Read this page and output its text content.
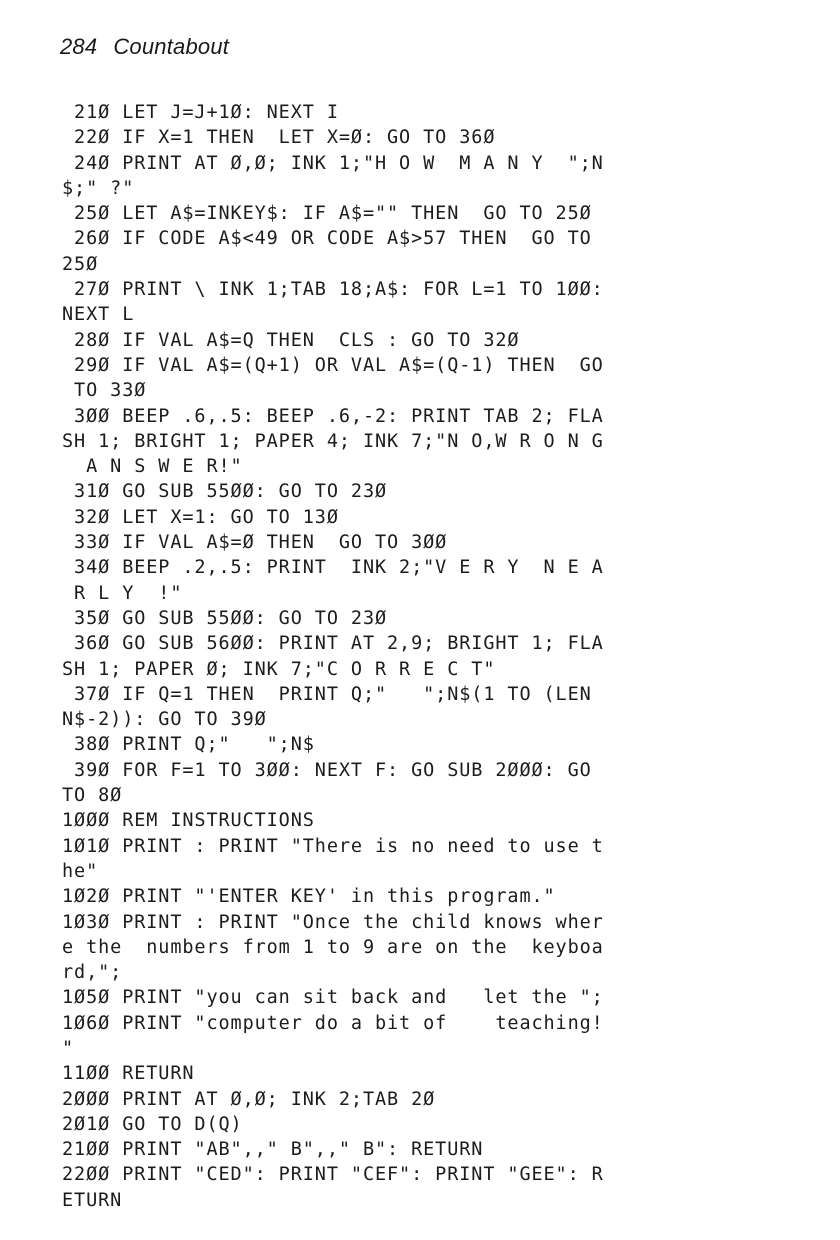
284 Countabout
21Ø LET J=J+1Ø: NEXT I
22Ø IF X=1 THEN  LET X=Ø: GO TO 36Ø
24Ø PRINT AT Ø,Ø; INK 1;"H O W  M A N Y  ";N
$;" ?"
25Ø LET A$=INKEY$: IF A$="" THEN  GO TO 25Ø
26Ø IF CODE A$<49 OR CODE A$>57 THEN  GO TO
25Ø
27Ø PRINT \ INK 1;TAB 18;A$: FOR L=1 TO 1ØØ:
NEXT L
28Ø IF VAL A$=Q THEN  CLS : GO TO 32Ø
29Ø IF VAL A$=(Q+1) OR VAL A$=(Q-1) THEN  GO
TO 33Ø
3ØØ BEEP .6,.5: BEEP .6,-2: PRINT TAB 2; FLA
SH 1; BRIGHT 1; PAPER 4; INK 7;"N O,W R O N G
A N S W E R!"
31Ø GO SUB 55ØØ: GO TO 23Ø
32Ø LET X=1: GO TO 13Ø
33Ø IF VAL A$=Ø THEN  GO TO 3ØØ
34Ø BEEP .2,.5: PRINT  INK 2;"V E R Y  N E A
R L Y  !"
35Ø GO SUB 55ØØ: GO TO 23Ø
36Ø GO SUB 56ØØ: PRINT AT 2,9; BRIGHT 1; FLA
SH 1; PAPER Ø; INK 7;"C O R R E C T"
37Ø IF Q=1 THEN  PRINT Q;"   ";N$(1 TO (LEN
N$-2)): GO TO 39Ø
38Ø PRINT Q;"   ";N$
39Ø FOR F=1 TO 3ØØ: NEXT F: GO SUB 2ØØØ: GO
TO 8Ø
1ØØØ REM INSTRUCTIONS
1Ø1Ø PRINT : PRINT "There is no need to use t
he"
1Ø2Ø PRINT "'ENTER KEY' in this program."
1Ø3Ø PRINT : PRINT "Once the child knows wher
e the  numbers from 1 to 9 are on the  keyboa
rd,";
1Ø5Ø PRINT "you can sit back and   let the ";
1Ø6Ø PRINT "computer do a bit of    teaching!
"
11ØØ RETURN
2ØØØ PRINT AT Ø,Ø; INK 2;TAB 2Ø
2Ø1Ø GO TO D(Q)
21ØØ PRINT "AB",," B",," B": RETURN
22ØØ PRINT "CED": PRINT "CEF": PRINT "GEE": R
ETURN
